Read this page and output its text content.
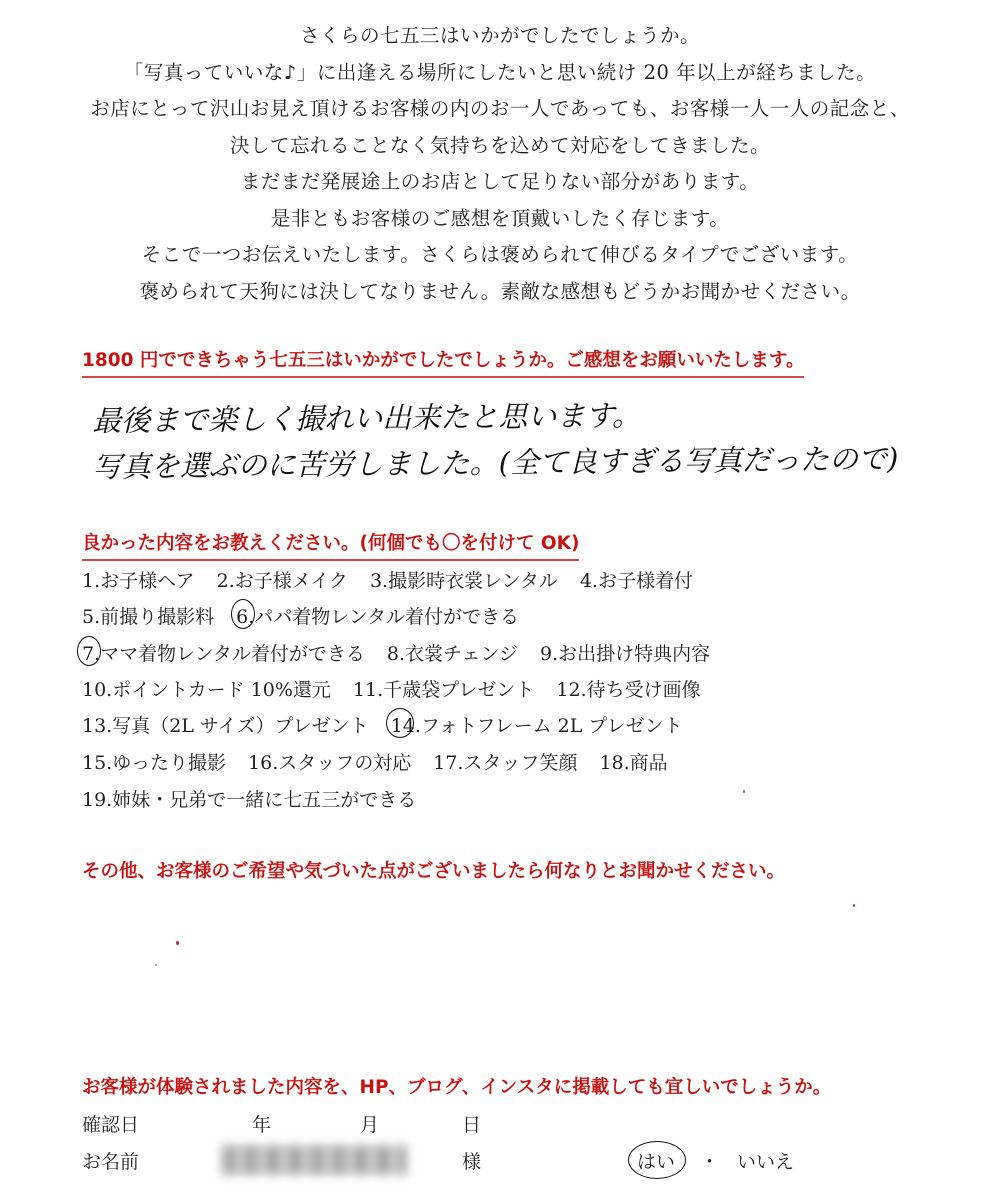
さくらの七五三はいかがでしたでしょうか。
「写真っていいな♪」に出逢える場所にしたいと思い続け 20 年以上が経ちました。
お店にとって沢山お見え頂けるお客様の内のお一人であっても、お客様一人一人の記念と、
決して忘れることなく気持ちを込めて対応をしてきました。
まだまだ発展途上のお店として足りない部分があります。
是非ともお客様のご感想を頂戴いしたく存じます。
そこで一つお伝えいたします。さくらは褒められて伸びるタイプでございます。
褒められて天狗には決してなりません。素敵な感想もどうかお聞かせください。
1800 円でできちゃう七五三はいかがでしたでしょうか。ご感想をお願いいたします。
最後まで楽しく撮れい出来たと思います。
写真を選ぶのに苦労しました。(全て良すぎる写真だったので)
良かった内容をお教えください。(何個でも〇を付けて OK)
1.お子様ヘア 2.お子様メイク 3.撮影時衣裳レンタル 4.お子様着付
5.前撮り撮影料 6.パパ着物レンタル着付ができる
7.ママ着物レンタル着付ができる 8.衣裳チェンジ 9.お出掛け特典内容
10.ポイントカード 10%還元 11.千歳袋プレゼント 12.待ち受け画像
13.写真（2L サイズ）プレゼント 14.フォトフレーム 2L プレゼント
15.ゆったり撮影 16.スタッフの対応 17.スタッフ笑顔 18.商品
19.姉妹・兄弟で一緒に七五三ができる
その他、お客様のご希望や気づいた点がございましたら何なりとお聞かせください。
お客様が体験されました内容を、HP、ブログ、インスタに掲載しても宜しいでしょうか。
確認日	年	月	日
お名前	様	はい ・ いいえ
